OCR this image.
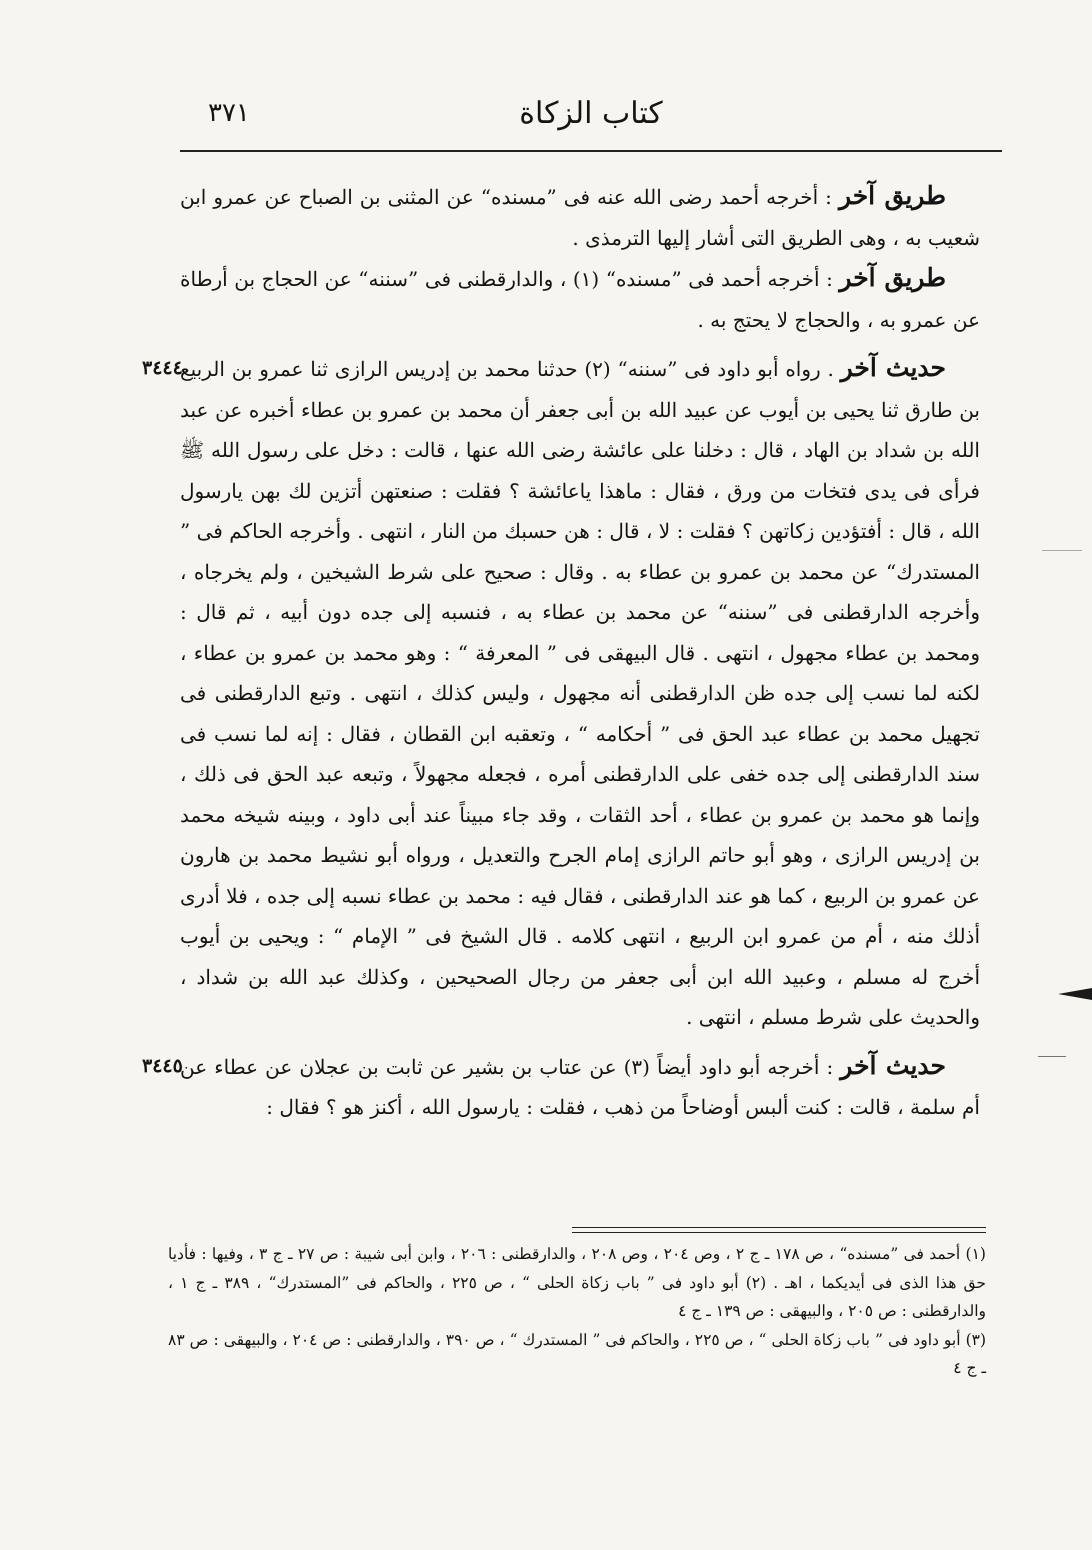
كتاب الزكاة
٣٧١

طريق آخر : أخرجه أحمد رضى الله عنه فى ”مسنده“ عن المثنى بن الصباح عن عمرو ابن شعيب به ، وهى الطريق التى أشار إليها الترمذى .

طريق آخر : أخرجه أحمد فى ”مسنده“ (١) ، والدارقطنى فى ”سننه“ عن الحجاج بن أرطاة عن عمرو به ، والحجاج لا يحتج به .

٣٤٤٤	حديث آخر . رواه أبو داود فى ”سننه“ (٢) حدثنا محمد بن إدريس الرازى ثنا عمرو بن الربيع بن طارق ثنا يحيى بن أيوب عن عبيد الله بن أبى جعفر أن محمد بن عمرو بن عطاء أخبره عن عبد الله بن شداد بن الهاد ، قال : دخلنا على عائشة رضى الله عنها ، قالت : دخل على رسول الله ﷺ فرأى فى يدى فتخات من ورق ، فقال : ماهذا ياعائشة ؟ فقلت : صنعتهن أتزين لك بهن يارسول الله ، قال : أفتؤدين زكاتهن ؟ فقلت : لا ، قال : هن حسبك من النار ، انتهى . وأخرجه الحاكم فى ” المستدرك“ عن محمد بن عمرو بن عطاء به . وقال : صحيح على شرط الشيخين ، ولم يخرجاه ، وأخرجه الدارقطنى فى ”سننه“ عن محمد بن عطاء به ، فنسبه إلى جده دون أبيه ، ثم قال : ومحمد بن عطاء مجهول ، انتهى . قال البيهقى فى ” المعرفة “ : وهو محمد بن عمرو بن عطاء ، لكنه لما نسب إلى جده ظن الدارقطنى أنه مجهول ، وليس كذلك ، انتهى . وتبع الدارقطنى فى تجهيل محمد بن عطاء عبد الحق فى ” أحكامه “ ، وتعقبه ابن القطان ، فقال : إنه لما نسب فى سند الدارقطنى إلى جده خفى على الدارقطنى أمره ، فجعله مجهولاً ، وتبعه عبد الحق فى ذلك ، وإنما هو محمد بن عمرو بن عطاء ، أحد الثقات ، وقد جاء مبيناً عند أبى داود ، وبينه شيخه محمد بن إدريس الرازى ، وهو أبو حاتم الرازى إمام الجرح والتعديل ، ورواه أبو نشيط محمد بن هارون عن عمرو بن الربيع ، كما هو عند الدارقطنى ، فقال فيه : محمد بن عطاء نسبه إلى جده ، فلا أدرى أذلك منه ، أم من عمرو ابن الربيع ، انتهى كلامه . قال الشيخ فى ” الإمام “ : ويحيى بن أيوب أخرج له مسلم ، وعبيد الله ابن أبى جعفر من رجال الصحيحين ، وكذلك عبد الله بن شداد ، والحديث على شرط مسلم ، انتهى .

٣٤٤٥	حديث آخر : أخرجه أبو داود أيضاً (٣) عن عتاب بن بشير عن ثابت بن عجلان عن عطاء عن أم سلمة ، قالت : كنت ألبس أوضاحاً من ذهب ، فقلت : يارسول الله ، أكنز هو ؟ فقال :

(١) أحمد فى ”مسنده“ ، ص ١٧٨ ـ ج ٢ ، وص ٢٠٤ ، وص ٢٠٨ ، والدارقطنى : ٢٠٦ ، وابن أبى شيبة : ص ٢٧ ـ ج ٣ ، وفيها : فأديا حق هذا الذى فى أيديكما ، اهـ . (٢) أبو داود فى ” باب زكاة الحلى “ ، ص ٢٢٥ ، والحاكم فى ”المستدرك“ ، ٣٨٩ ـ ج ١ ، والدارقطنى : ص ٢٠٥ ، والبيهقى : ص ١٣٩ ـ ج ٤

(٣) أبو داود فى ” باب زكاة الحلى “ ، ص ٢٢٥ ، والحاكم فى ” المستدرك “ ، ص ٣٩٠ ، والدارقطنى : ص ٢٠٤ ، والبيهقى : ص ٨٣ ـ ج ٤
